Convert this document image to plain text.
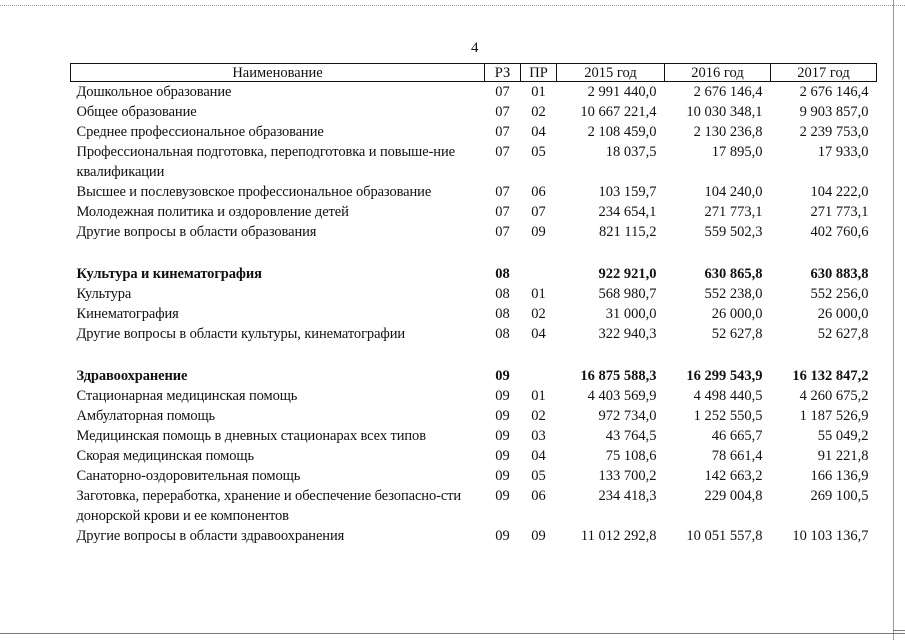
4
Наименование	РЗ	ПР	2015 год	2016 год	2017 год
Дошкольное образование	07	01	2 991 440,0	2 676 146,4	2 676 146,4
Общее образование	07	02	10 667 221,4	10 030 348,1	9 903 857,0
Среднее профессиональное образование	07	04	2 108 459,0	2 130 236,8	2 239 753,0
Профессиональная подготовка, переподготовка и повыше-ние квалификации	07	05	18 037,5	17 895,0	17 933,0
Высшее и послевузовское профессиональное образование	07	06	103 159,7	104 240,0	104 222,0
Молодежная политика и оздоровление детей	07	07	234 654,1	271 773,1	271 773,1
Другие вопросы в области образования	07	09	821 115,2	559 502,3	402 760,6

Культура и кинематография	08		922 921,0	630 865,8	630 883,8
Культура	08	01	568 980,7	552 238,0	552 256,0
Кинематография	08	02	31 000,0	26 000,0	26 000,0
Другие вопросы в области культуры, кинематографии	08	04	322 940,3	52 627,8	52 627,8

Здравоохранение	09		16 875 588,3	16 299 543,9	16 132 847,2
Стационарная медицинская помощь	09	01	4 403 569,9	4 498 440,5	4 260 675,2
Амбулаторная помощь	09	02	972 734,0	1 252 550,5	1 187 526,9
Медицинская помощь в дневных стационарах всех типов	09	03	43 764,5	46 665,7	55 049,2
Скорая медицинская помощь	09	04	75 108,6	78 661,4	91 221,8
Санаторно-оздоровительная помощь	09	05	133 700,2	142 663,2	166 136,9
Заготовка, переработка, хранение и обеспечение безопасно-сти донорской крови и ее компонентов	09	06	234 418,3	229 004,8	269 100,5
Другие вопросы в области здравоохранения	09	09	11 012 292,8	10 051 557,8	10 103 136,7
